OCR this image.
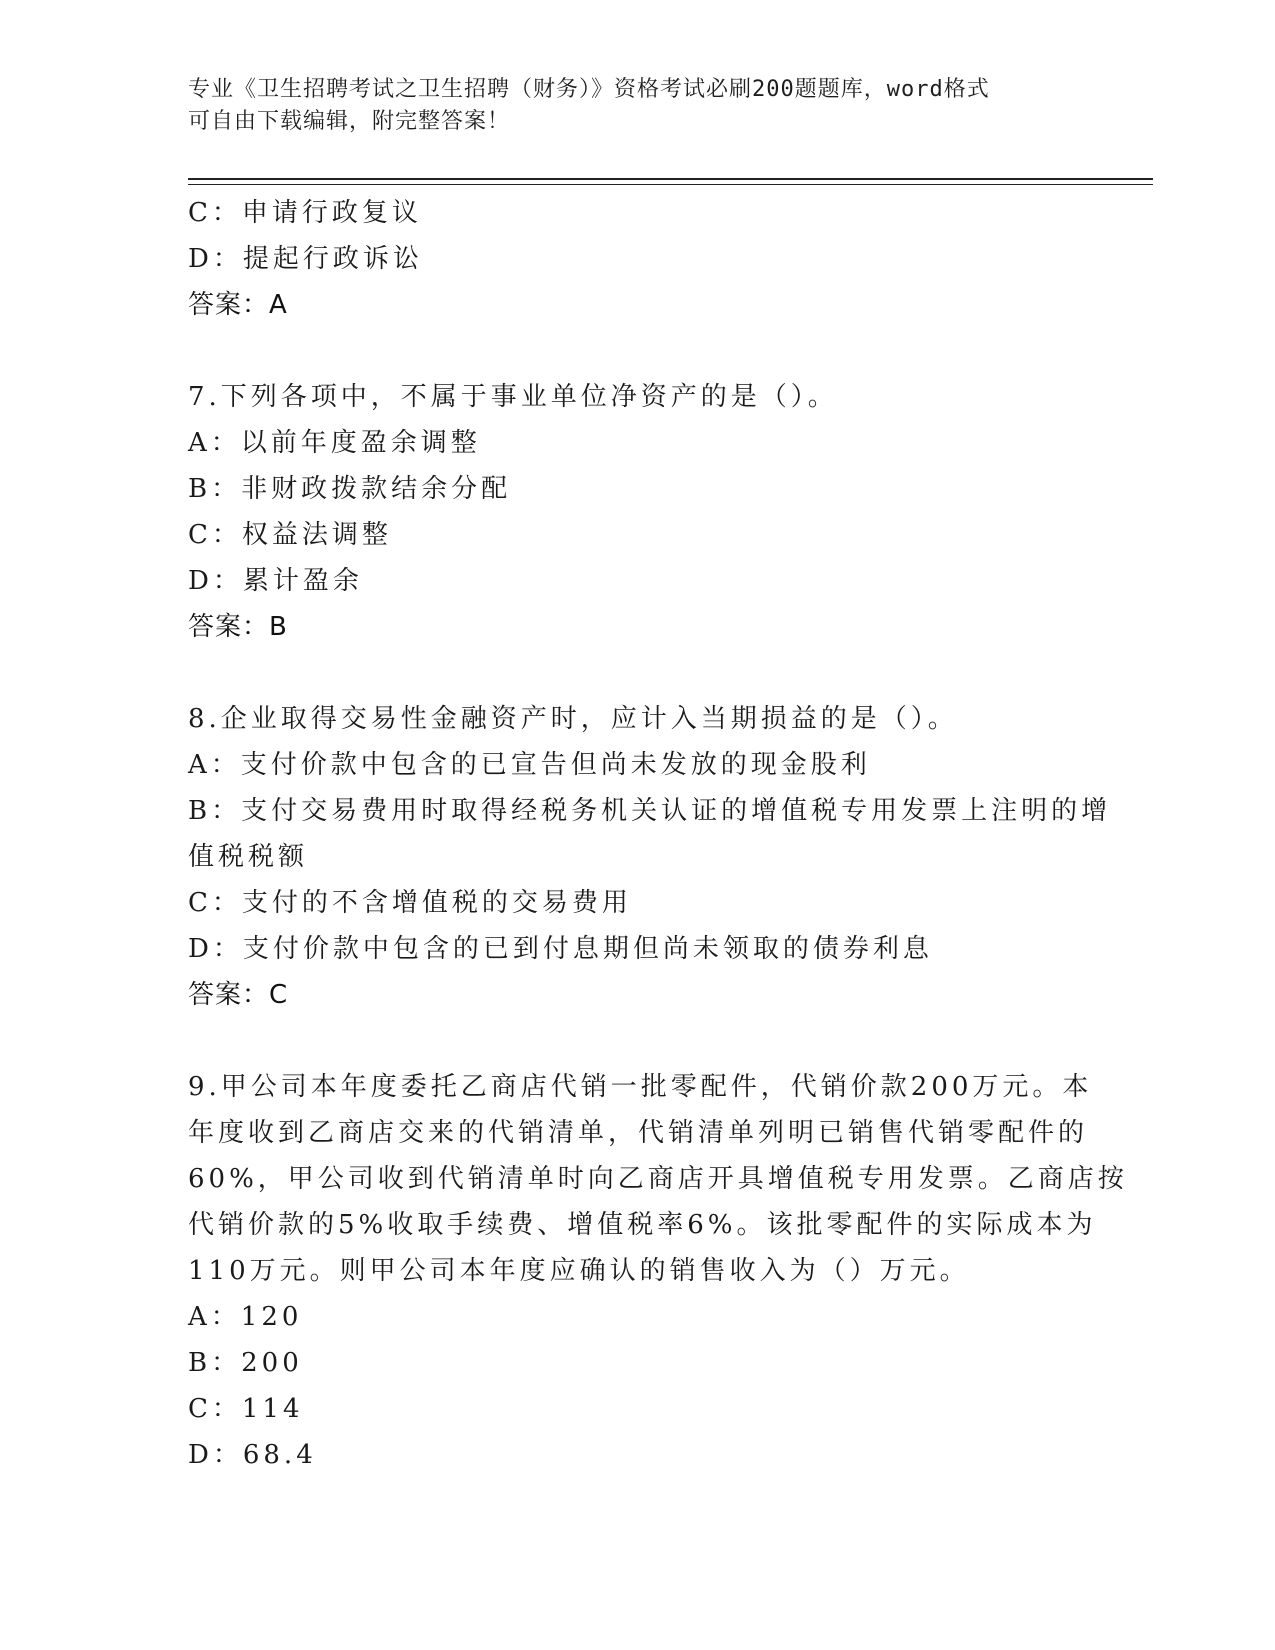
专业《卫生招聘考试之卫生招聘（财务）》资格考试必刷200题题库，word格式
可自由下载编辑，附完整答案！
C：申请行政复议
D：提起行政诉讼
答案：A
7.下列各项中，不属于事业单位净资产的是（）。
A：以前年度盈余调整
B：非财政拨款结余分配
C：权益法调整
D：累计盈余
答案：B
8.企业取得交易性金融资产时，应计入当期损益的是（）。
A：支付价款中包含的已宣告但尚未发放的现金股利
B：支付交易费用时取得经税务机关认证的增值税专用发票上注明的增
值税税额
C：支付的不含增值税的交易费用
D：支付价款中包含的已到付息期但尚未领取的债券利息
答案：C
9.甲公司本年度委托乙商店代销一批零配件，代销价款200万元。本
年度收到乙商店交来的代销清单，代销清单列明已销售代销零配件的
60%，甲公司收到代销清单时向乙商店开具增值税专用发票。乙商店按
代销价款的5%收取手续费、增值税率6%。该批零配件的实际成本为
110万元。则甲公司本年度应确认的销售收入为（）万元。
A：120
B：200
C：114
D：68.4
